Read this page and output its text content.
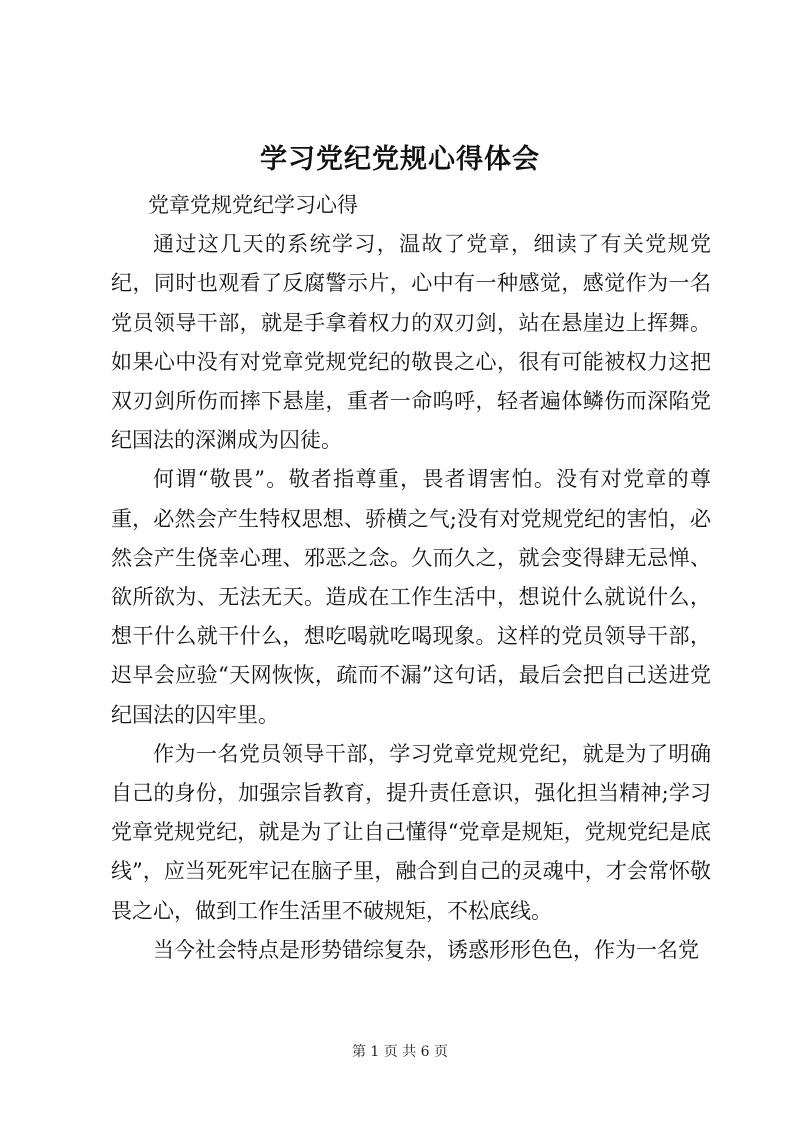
学习党纪党规心得体会

党章党规党纪学习心得

通过这几天的系统学习，温故了党章，细读了有关党规党纪，同时也观看了反腐警示片，心中有一种感觉，感觉作为一名党员领导干部，就是手拿着权力的双刃剑，站在悬崖边上挥舞。如果心中没有对党章党规党纪的敬畏之心，很有可能被权力这把双刃剑所伤而摔下悬崖，重者一命呜呼，轻者遍体鳞伤而深陷党纪国法的深渊成为囚徒。

何谓“敬畏”。敬者指尊重，畏者谓害怕。没有对党章的尊重，必然会产生特权思想、骄横之气;没有对党规党纪的害怕，必然会产生侥幸心理、邪恶之念。久而久之，就会变得肆无忌惮、欲所欲为、无法无天。造成在工作生活中，想说什么就说什么，想干什么就干什么，想吃喝就吃喝现象。这样的党员领导干部，迟早会应验“天网恢恢，疏而不漏”这句话，最后会把自己送进党纪国法的囚牢里。

作为一名党员领导干部，学习党章党规党纪，就是为了明确自己的身份，加强宗旨教育，提升责任意识，强化担当精神;学习党章党规党纪，就是为了让自己懂得“党章是规矩，党规党纪是底线”，应当死死牢记在脑子里，融合到自己的灵魂中，才会常怀敬畏之心，做到工作生活里不破规矩，不松底线。

当今社会特点是形势错综复杂，诱惑形形色色，作为一名党

第 1 页 共 6 页
